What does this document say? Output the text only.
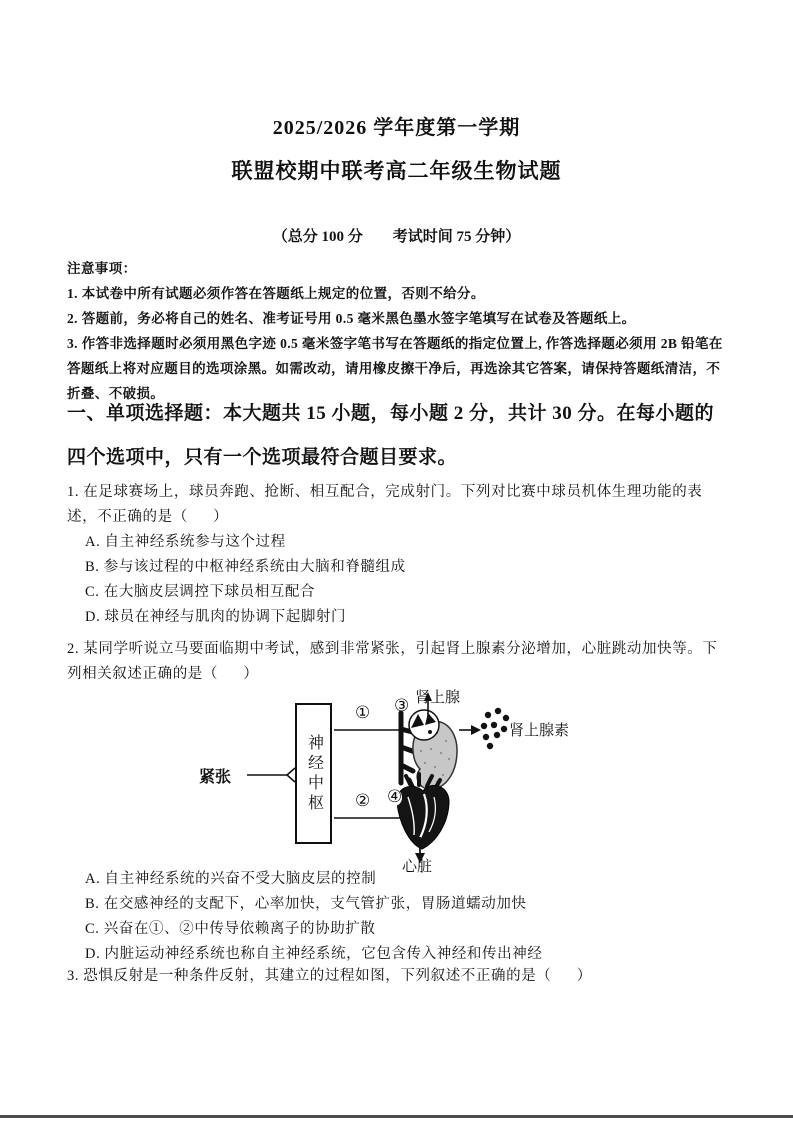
2025/2026 学年度第一学期
联盟校期中联考高二年级生物试题
（总分 100 分        考试时间 75 分钟）
注意事项：
1. 本试卷中所有试题必须作答在答题纸上规定的位置，否则不给分。
2. 答题前，务必将自己的姓名、准考证号用 0.5 毫米黑色墨水签字笔填写在试卷及答题纸上。
3. 作答非选择题时必须用黑色字迹 0.5 毫米签字笔书写在答题纸的指定位置上, 作答选择题必须用 2B 铅笔在答题纸上将对应题目的选项涂黑。如需改动，请用橡皮擦干净后，再选涂其它答案，请保持答题纸清洁，不折叠、不破损。
一、单项选择题：本大题共 15 小题，每小题 2 分，共计 30 分。在每小题的四个选项中，只有一个选项最符合题目要求。
1. 在足球赛场上，球员奔跑、抢断、相互配合，完成射门。下列对比赛中球员机体生理功能的表述，不正确的是（      ）
A. 自主神经系统参与这个过程
B. 参与该过程的中枢神经系统由大脑和脊髓组成
C. 在大脑皮层调控下球员相互配合
D. 球员在神经与肌肉的协调下起脚射门
2. 某同学听说立马要面临期中考试，感到非常紧张，引起肾上腺素分泌增加，心脏跳动加快等。下列相关叙述正确的是（      ）
神经中枢
紧张
①
②
③
④
肾上腺
肾上腺素
心脏
A. 自主神经系统的兴奋不受大脑皮层的控制
B. 在交感神经的支配下，心率加快，支气管扩张，胃肠道蠕动加快
C. 兴奋在①、②中传导依赖离子的协助扩散
D. 内脏运动神经系统也称自主神经系统，它包含传入神经和传出神经
3. 恐惧反射是一种条件反射，其建立的过程如图，下列叙述不正确的是（      ）
